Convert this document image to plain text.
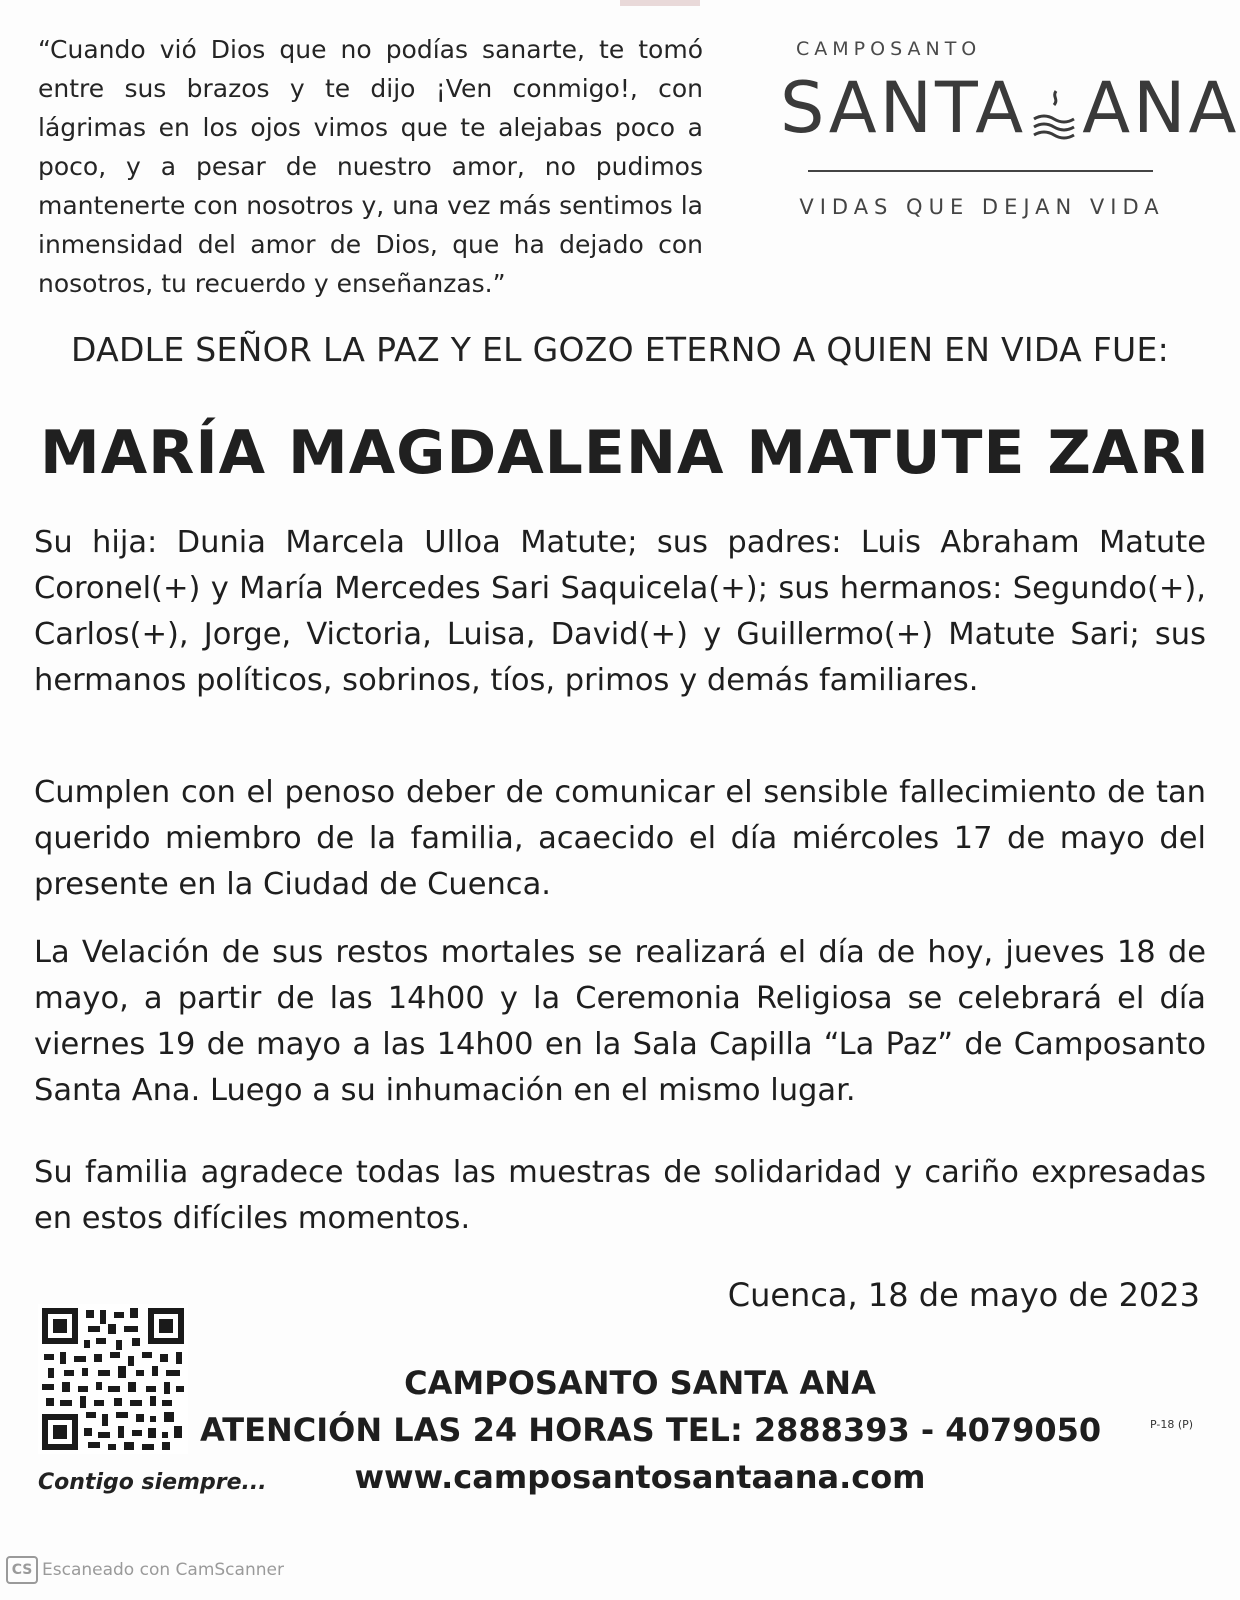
“Cuando vió Dios que no podías sanarte, te tomó entre sus brazos y te dijo ¡Ven conmigo!, con lágrimas en los ojos vimos que te alejabas poco a poco, y a pesar de nuestro amor, no pudimos mantenerte con nosotros y, una vez más sentimos la inmensidad del amor de Dios, que ha dejado con nosotros, tu recuerdo y enseñanzas.”
CAMPOSANTO
SANTA ANA
VIDAS QUE DEJAN VIDA
DADLE SEÑOR LA PAZ Y EL GOZO ETERNO A QUIEN EN VIDA FUE:
MARÍA MAGDALENA MATUTE ZARI
Su hija: Dunia Marcela Ulloa Matute; sus padres: Luis Abraham Matute Coronel(+) y María Mercedes Sari Saquicela(+); sus hermanos: Segundo(+), Carlos(+), Jorge, Victoria, Luisa, David(+) y Guillermo(+) Matute Sari; sus hermanos políticos, sobrinos, tíos, primos y demás familiares.
Cumplen con el penoso deber de comunicar el sensible fallecimiento de tan querido miembro de la familia, acaecido el día miércoles 17 de mayo del presente en la Ciudad de Cuenca.
La Velación de sus restos mortales se realizará el día de hoy, jueves 18 de mayo, a partir de las 14h00 y la Ceremonia Religiosa se celebrará el día viernes 19 de mayo a las 14h00 en la Sala Capilla “La Paz” de Camposanto Santa Ana. Luego a su inhumación en el mismo lugar.
Su familia agradece todas las muestras de solidaridad y cariño expresadas en estos difíciles momentos.
Cuenca, 18 de mayo de 2023
Contigo siempre...
CAMPOSANTO SANTA ANA
ATENCIÓN LAS 24 HORAS TEL: 2888393 - 4079050
www.camposantosantaana.com
P-18 (P)
CS Escaneado con CamScanner
